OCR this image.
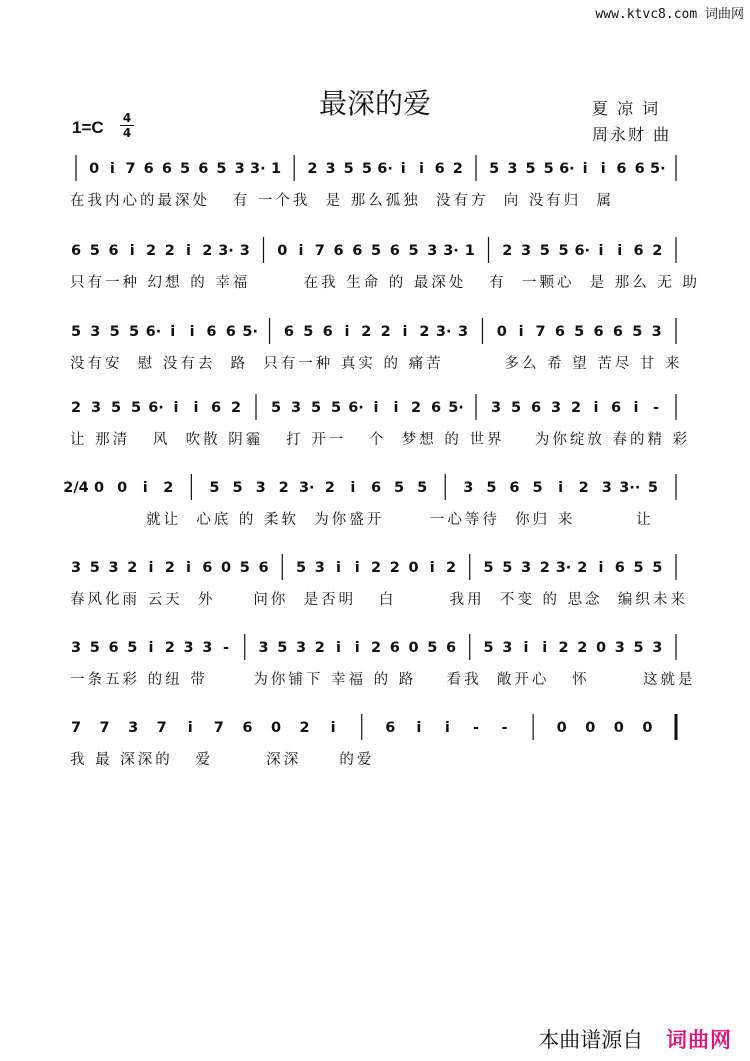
www.ktvc8.com 词曲网
最深的爱	夏 凉 词
周永财 曲
1=C 4
4
0 i 7 6 6 5 6 5 3 3· 1 2 3 5 5 6· i i 6 2 5 3 5 5 6· i i 6 6 5·
在我内心的最深处   有 一个我  是 那么孤独  没有方  向 没有归  属
6 5 6 i 2 2 i 2 3· 3 0 i 7 6 6 5 6 5 3 3· 1 2 3 5 5 6· i i 6 2
只有一种 幻想 的 幸福       在我 生命 的 最深处   有  一颗心  是 那么 无 助
5 3 5 5 6· i i 6 6 5· 6 5 6 i 2 2 i 2 3· 3 0 i 7 6 5 6 6 5 3
没有安  慰 没有去  路  只有一种 真实 的 痛苦        多么 希 望 苦尽 甘 来
2 3 5 5 6· i i 6 2 5 3 5 5 6· i i 2 6 5· 3 5 6 3 2 i 6 i -
让 那清   风  吹散 阴霾   打 开一   个  梦想 的 世界    为你绽放 春的精 彩
2/4 0 0 i 2 5 5 3 2 3· 2 i 6 5 5 3 5 6 5 i 2 3 3·· 5
就让  心底 的 柔软  为你盛开      一心等待  你归 来        让
3 5 3 2 i 2 i 6 0 5 6 5 3 i i 2 2 0 i 2 5 5 3 2 3· 2 i 6 5 5
春风化雨 云天  外     问你  是否明   白       我用  不变 的 思念  编织未来
3 5 6 5 i 2 3 3 - 3 5 3 2 i i 2 6 0 5 6 5 3 i i 2 2 0 3 5 3
一条五彩 的纽 带      为你铺下 幸福 的 路    看我  敞开心   怀       这就是
7 7 3 7 i 7 6 0 2 i	6 i i - -	0 0 0 0
我 最 深深的   爱       深深     的爱
本曲谱源自 词曲网
